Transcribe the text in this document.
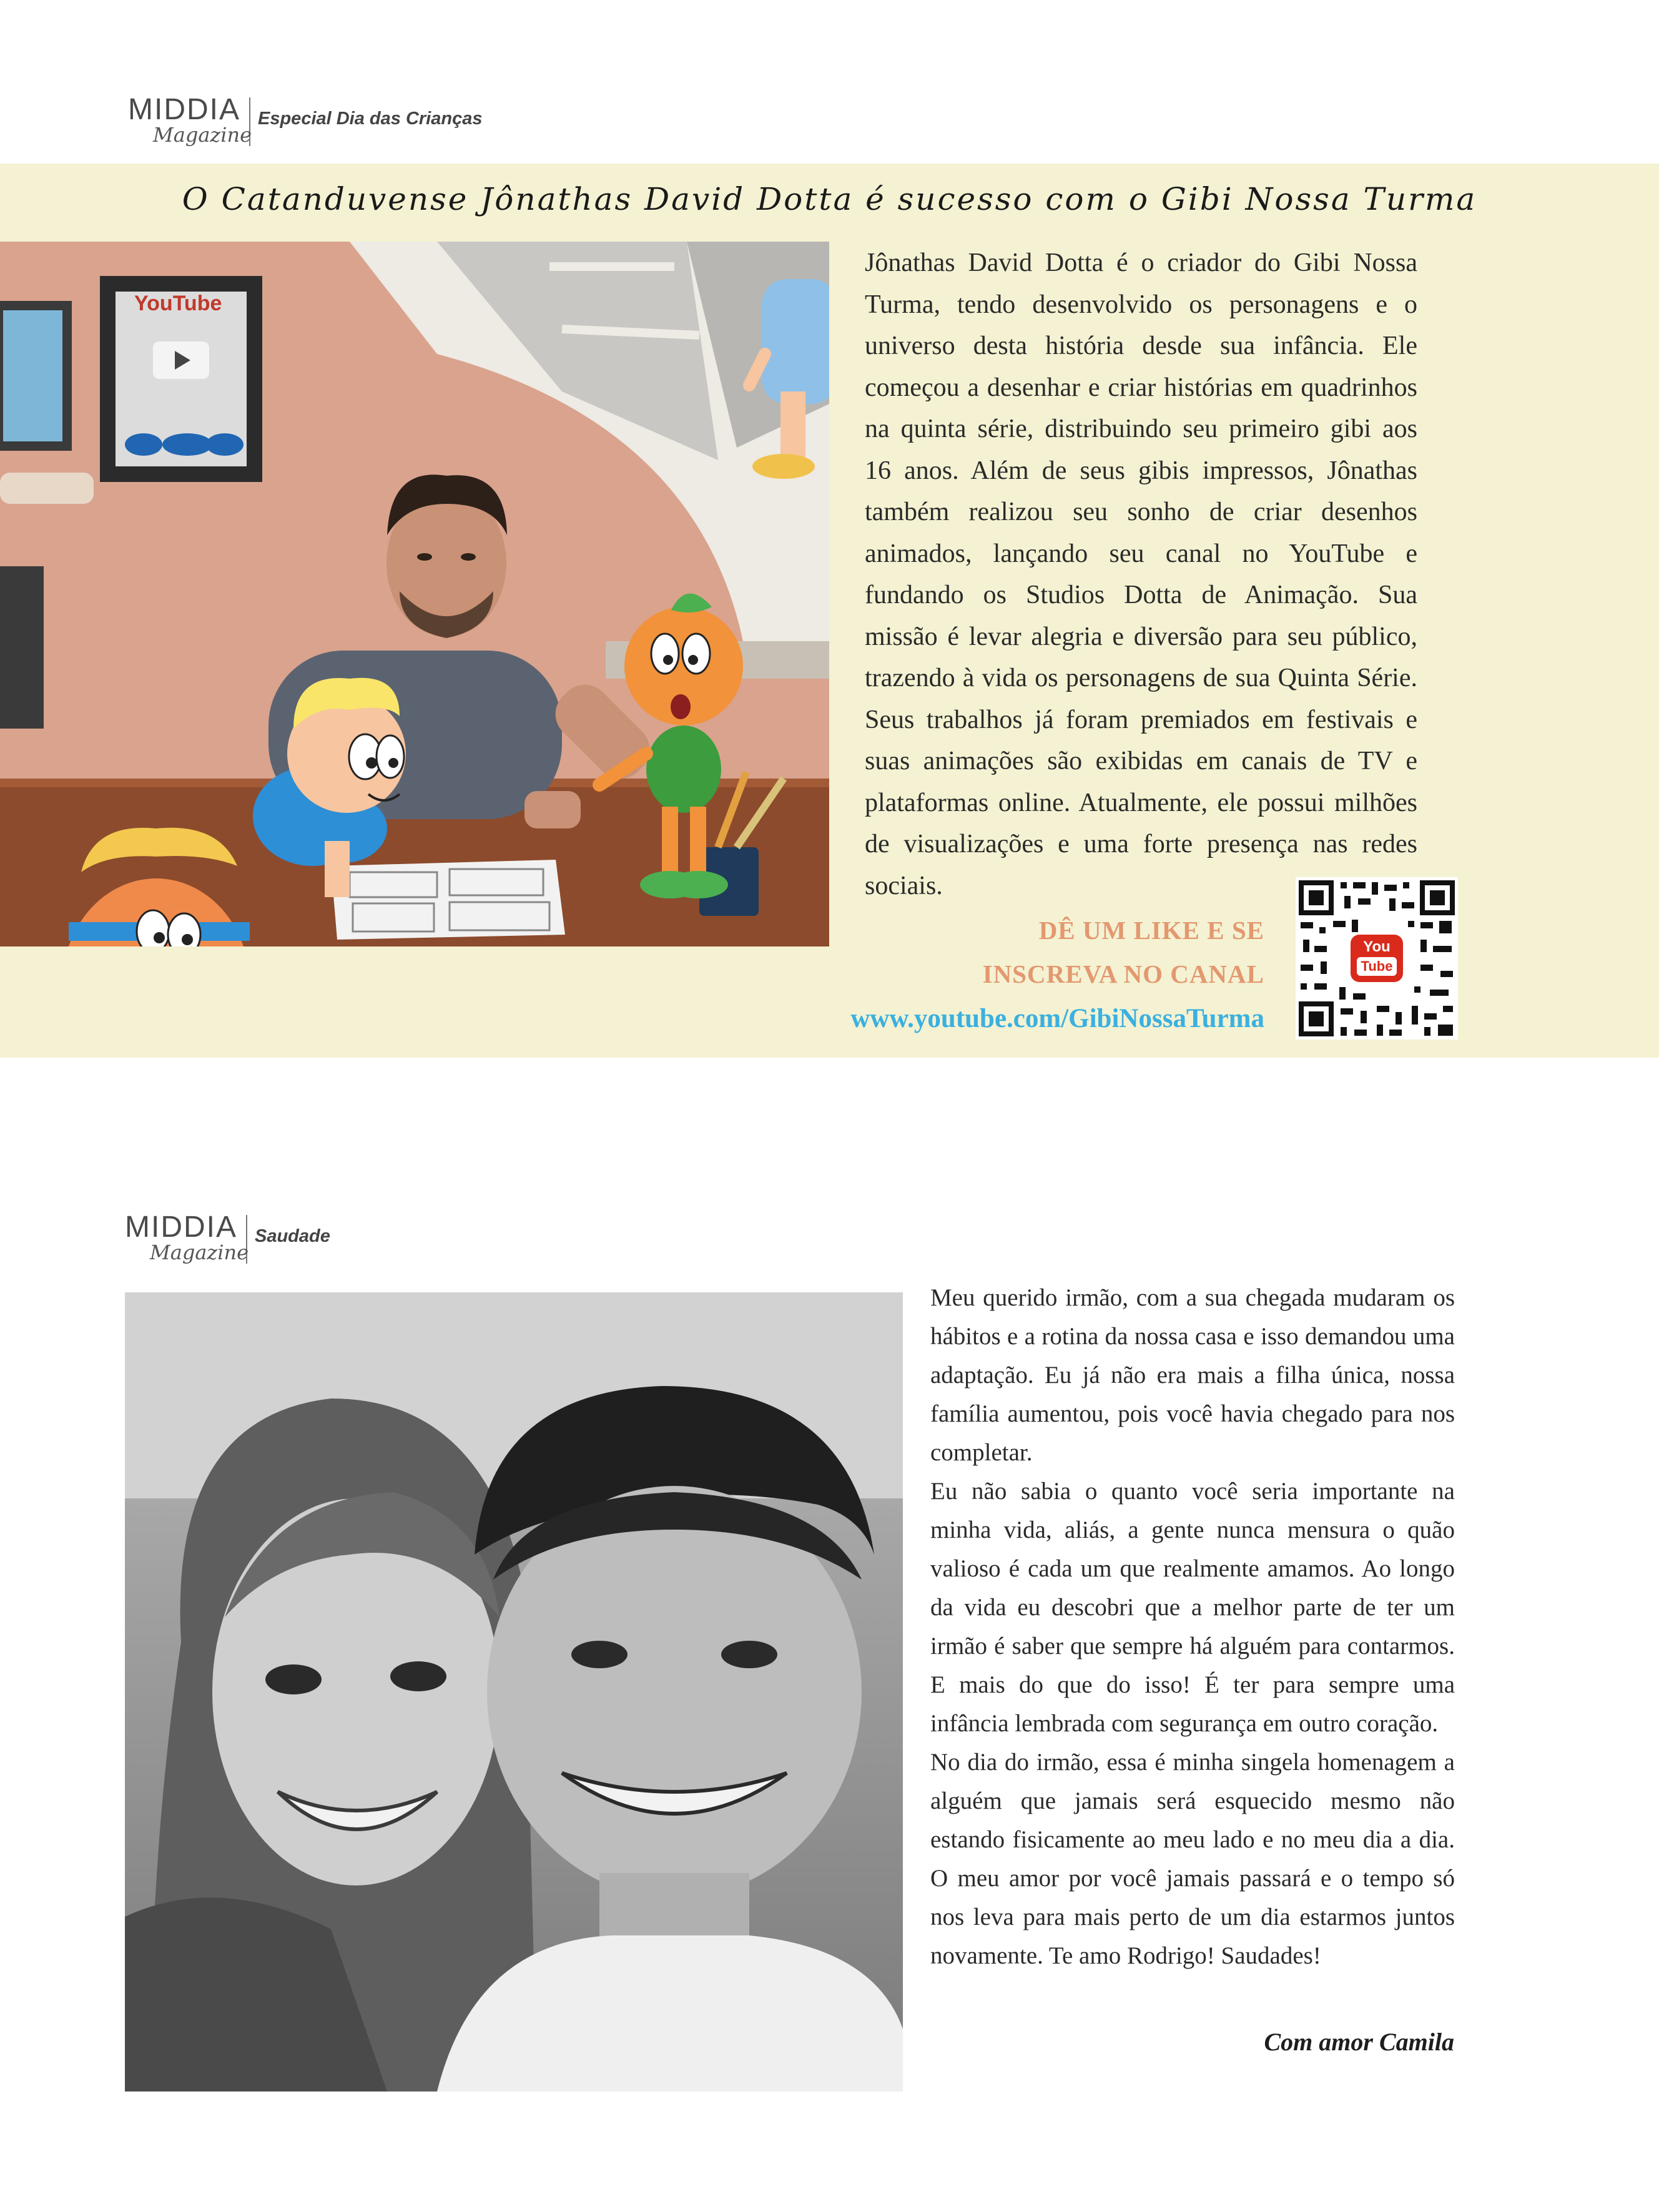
MIDDIA
Magazine
Especial Dia das Crianças
O Catanduvense Jônathas David Dotta é sucesso com o Gibi Nossa Turma
YouTube
Jônathas David Dotta é o criador do Gibi Nossa Turma, tendo desenvolvido os personagens e o universo desta história desde sua infância. Ele começou a desenhar e criar histórias em quadrinhos na quinta série, distribuindo seu primeiro gibi aos 16 anos. Além de seus gibis impressos, Jônathas também realizou seu sonho de criar desenhos animados, lançando seu canal no YouTube e fundando os Studios Dotta de Animação. Sua missão é levar alegria e diversão para seu público, trazendo à vida os personagens de sua Quinta Série. Seus trabalhos já foram premiados em festivais e suas animações são exibidas em canais de TV e plataformas online. Atualmente, ele possui milhões de visualizações e uma forte presença nas redes sociais.
DÊ UM LIKE E SE
INSCREVA NO CANAL
www.youtube.com/GibiNossaTurma
You
Tube
MIDDIA
Magazine
Saudade

Meu querido irmão, com a sua chegada mudaram os hábitos e a rotina da nossa casa e isso demandou uma adaptação. Eu já não era mais a filha única, nossa família aumentou, pois você havia chegado para nos completar.

Eu não sabia o quanto você seria importante na minha vida, aliás, a gente nunca mensura o quão valioso é cada um que realmente amamos. Ao longo da vida eu descobri que a melhor parte de ter um irmão é saber que sempre há alguém para contarmos. E mais do que do isso! É ter para sempre uma infância lembrada com segurança em outro coração.

No dia do irmão, essa é minha singela homenagem a alguém que jamais será esquecido mesmo não estando fisicamente ao meu lado e no meu dia a dia. O meu amor por você jamais passará e o tempo só nos leva para mais perto de um dia estarmos juntos novamente. Te amo Rodrigo! Saudades!

Com amor Camila
